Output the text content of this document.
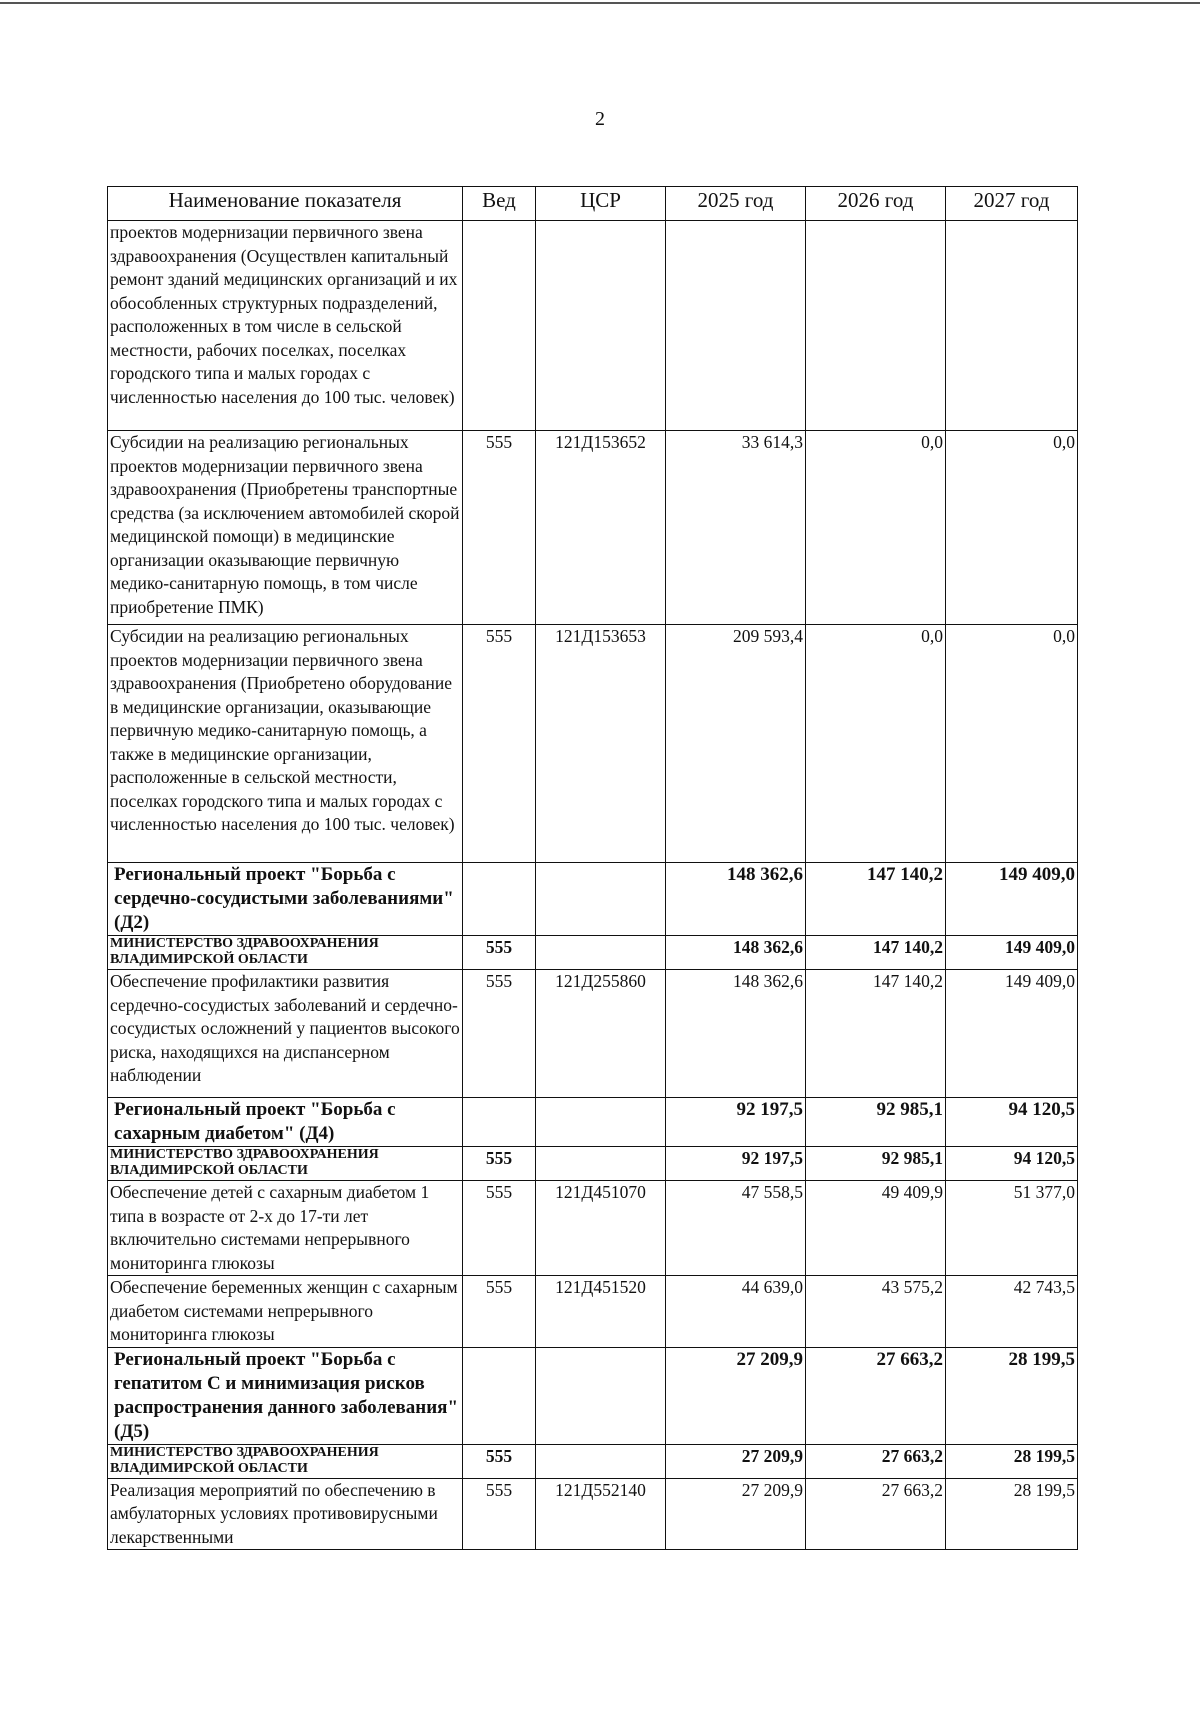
2
Наименование показателя	Вед	ЦСР	2025 год	2026 год	2027 год
проектов модернизации первичного звена здравоохранения (Осуществлен капитальный ремонт зданий медицинских организаций и их обособленных структурных подразделений, расположенных в том числе в сельской местности, рабочих поселках, поселках городского типа и малых городах с численностью населения до 100 тыс. человек)					
Субсидии на реализацию региональных проектов модернизации первичного звена здравоохранения (Приобретены транспортные средства (за исключением автомобилей скорой медицинской помощи) в медицинские организации оказывающие первичную медико-санитарную помощь, в том числе приобретение ПМК)	555	121Д153652	33 614,3	0,0	0,0
Субсидии на реализацию региональных проектов модернизации первичного звена здравоохранения (Приобретено оборудование в медицинские организации, оказывающие первичную медико-санитарную помощь, а также в медицинские организации, расположенные в сельской местности, поселках городского типа и малых городах с численностью населения до 100 тыс. человек)	555	121Д153653	209 593,4	0,0	0,0
Региональный проект "Борьба с сердечно-сосудистыми заболеваниями" (Д2)			148 362,6	147 140,2	149 409,0
МИНИСТЕРСТВО ЗДРАВООХРАНЕНИЯ ВЛАДИМИРСКОЙ ОБЛАСТИ	555		148 362,6	147 140,2	149 409,0
Обеспечение профилактики развития сердечно-сосудистых заболеваний и сердечно-сосудистых осложнений у пациентов высокого риска, находящихся на диспансерном наблюдении	555	121Д255860	148 362,6	147 140,2	149 409,0
Региональный проект "Борьба с сахарным диабетом" (Д4)			92 197,5	92 985,1	94 120,5
МИНИСТЕРСТВО ЗДРАВООХРАНЕНИЯ ВЛАДИМИРСКОЙ ОБЛАСТИ	555		92 197,5	92 985,1	94 120,5
Обеспечение детей с сахарным диабетом 1 типа в возрасте от 2-х до 17-ти лет включительно системами непрерывного мониторинга глюкозы	555	121Д451070	47 558,5	49 409,9	51 377,0
Обеспечение беременных женщин с сахарным диабетом системами непрерывного мониторинга глюкозы	555	121Д451520	44 639,0	43 575,2	42 743,5
Региональный проект "Борьба с гепатитом С и минимизация рисков распространения данного заболевания" (Д5)			27 209,9	27 663,2	28 199,5
МИНИСТЕРСТВО ЗДРАВООХРАНЕНИЯ ВЛАДИМИРСКОЙ ОБЛАСТИ	555		27 209,9	27 663,2	28 199,5
Реализация мероприятий по обеспечению в амбулаторных условиях противовирусными лекарственными	555	121Д552140	27 209,9	27 663,2	28 199,5
